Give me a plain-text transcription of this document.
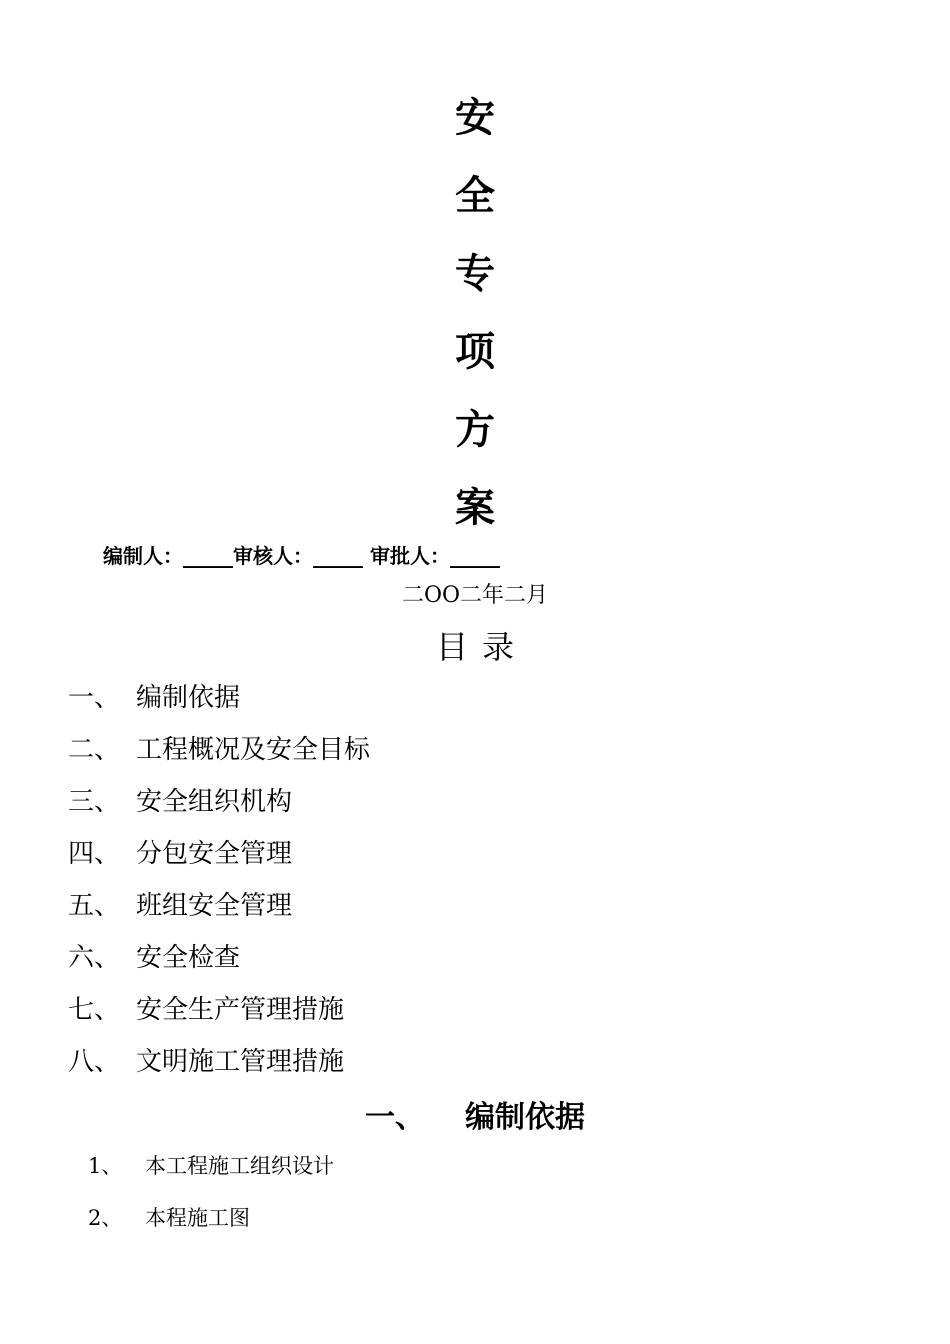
安
全
专
项
方
案
编制人：_____审核人：_____ 审批人：_____
二OO二年二月
目录
一、 编制依据
二、 工程概况及安全目标
三、 安全组织机构
四、 分包安全管理
五、 班组安全管理
六、 安全检查
七、 安全生产管理措施
八、 文明施工管理措施
一、 编制依据
1、 本工程施工组织设计
2、 本程施工图
